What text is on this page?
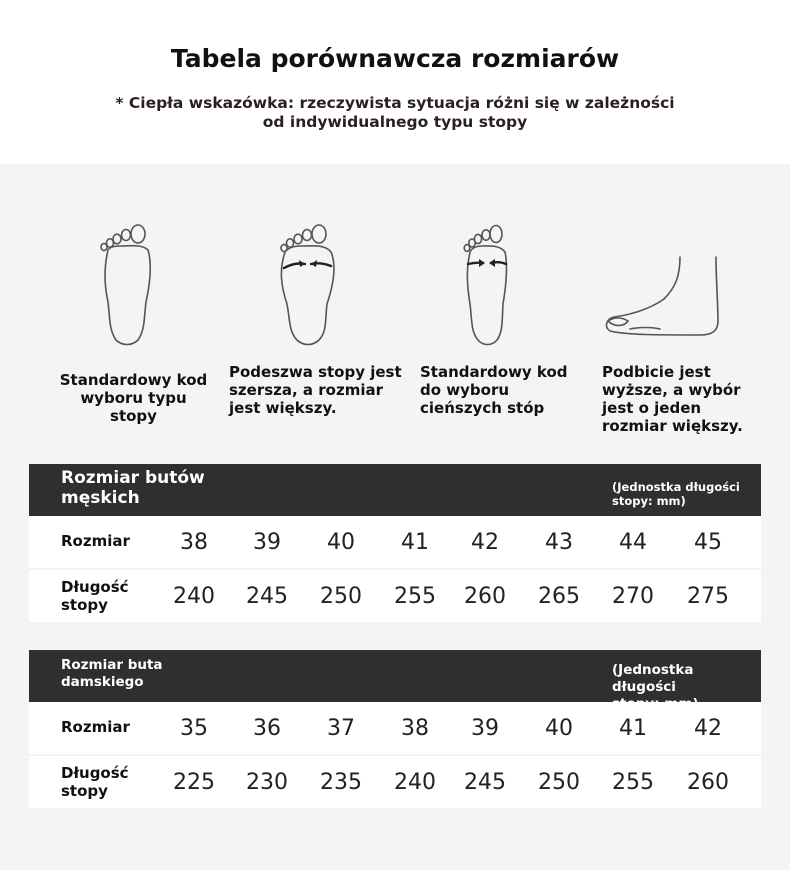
Tabela porównawcza rozmiarów
* Ciepła wskazówka: rzeczywista sytuacja różni się w zależności
od indywidualnego typu stopy
Standardowy kod
wyboru typu stopy
Podeszwa stopy jest
szersza, a rozmiar
jest większy.
Standardowy kod
do wyboru
cieńszych stóp
Podbicie jest
wyższe, a wybór
jest o jeden
rozmiar większy.
Rozmiar butów
męskich
(Jednostka długości
stopy: mm)
Rozmiar	38	39	40	41	42	43	44	45
Długość
stopy	240	245	250	255	260	265	270	275
Rozmiar buta
damskiego
(Jednostka długości
Rozmiar	35	36	37	38	39	40	41	42
Długość
stopy	225	230	235	240	245	250	255	260
